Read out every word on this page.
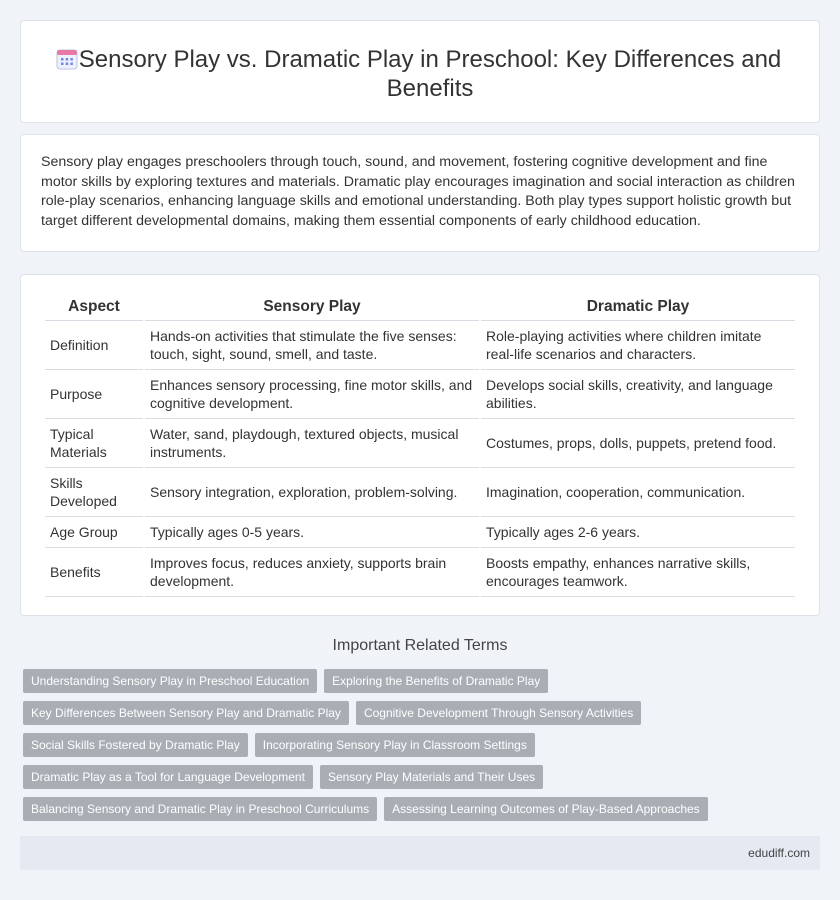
Sensory Play vs. Dramatic Play in Preschool: Key Differences and Benefits

Sensory play engages preschoolers through touch, sound, and movement, fostering cognitive development and fine motor skills by exploring textures and materials. Dramatic play encourages imagination and social interaction as children role-play scenarios, enhancing language skills and emotional understanding. Both play types support holistic growth but target different developmental domains, making them essential components of early childhood education.

Aspect	Sensory Play	Dramatic Play
Definition	Hands-on activities that stimulate the five senses: touch, sight, sound, smell, and taste.	Role-playing activities where children imitate real-life scenarios and characters.
Purpose	Enhances sensory processing, fine motor skills, and cognitive development.	Develops social skills, creativity, and language abilities.
Typical Materials	Water, sand, playdough, textured objects, musical instruments.	Costumes, props, dolls, puppets, pretend food.
Skills Developed	Sensory integration, exploration, problem-solving.	Imagination, cooperation, communication.
Age Group	Typically ages 0-5 years.	Typically ages 2-6 years.
Benefits	Improves focus, reduces anxiety, supports brain development.	Boosts empathy, enhances narrative skills, encourages teamwork.
Important Related Terms
Understanding Sensory Play in Preschool Education	Exploring the Benefits of Dramatic Play
Key Differences Between Sensory Play and Dramatic Play	Cognitive Development Through Sensory Activities
Social Skills Fostered by Dramatic Play	Incorporating Sensory Play in Classroom Settings
Dramatic Play as a Tool for Language Development	Sensory Play Materials and Their Uses
Balancing Sensory and Dramatic Play in Preschool Curriculums	Assessing Learning Outcomes of Play-Based Approaches
edudiff.com
